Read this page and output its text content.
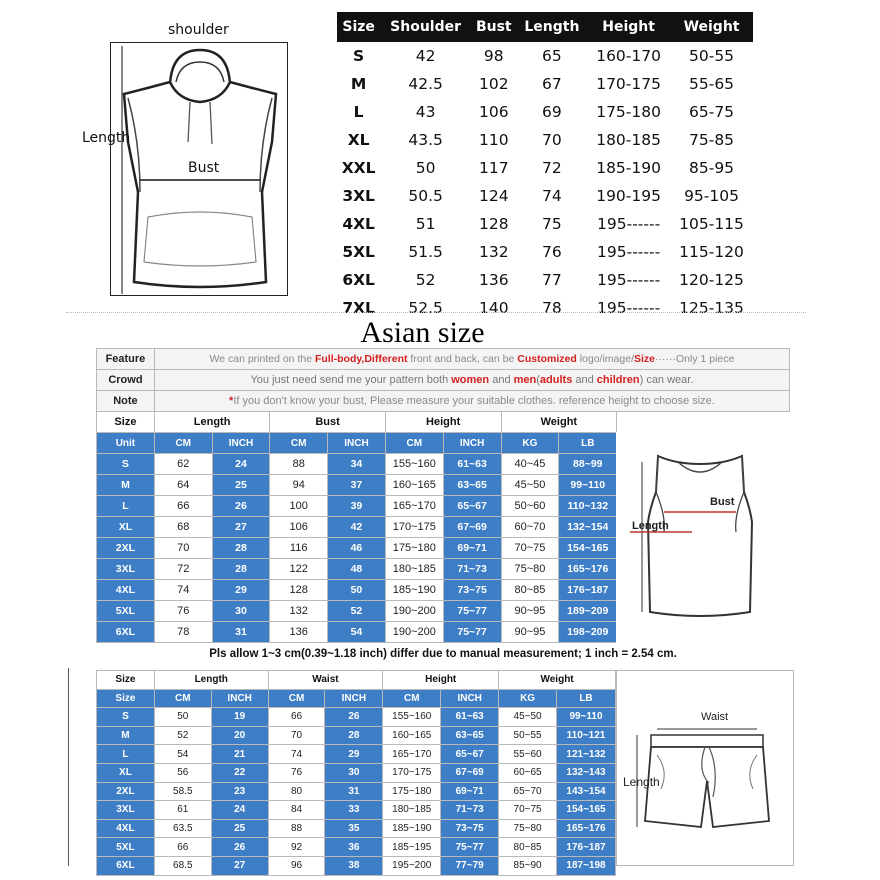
shoulder
Length
Bust
Size	Shoulder	Bust	Length	Height	Weight
S	42	98	65	160-170	50-55
M	42.5	102	67	170-175	55-65
L	43	106	69	175-180	65-75
XL	43.5	110	70	180-185	75-85
XXL	50	117	72	185-190	85-95
3XL	50.5	124	74	190-195	95-105
4XL	51	128	75	195------	105-115
5XL	51.5	132	76	195------	115-120
6XL	52	136	77	195------	120-125
7XL	52.5	140	78	195------	125-135
Asian size
Feature	We can printed on the Full-body,Different front and back, can be Customized logo/image/Size······Only 1 piece								
Crowd	You just need send me your pattern both women and men(adults and children) can wear.								
Note	*If you don't know your bust, Please measure your suitable clothes. reference height to choose size.								
Size	Length		Bust		Height		Weight		
Unit	CM	INCH	CM	INCH	CM	INCH	KG	LB	
S	62	24	88	34	155~160	61~63	40~45	88~99	
M	64	25	94	37	160~165	63~65	45~50	99~110	
L	66	26	100	39	165~170	65~67	50~60	110~132	
XL	68	27	106	42	170~175	67~69	60~70	132~154	
2XL	70	28	116	46	175~180	69~71	70~75	154~165	
3XL	72	28	122	48	180~185	71~73	75~80	165~176	
4XL	74	29	128	50	185~190	73~75	80~85	176~187	
5XL	76	30	132	52	190~200	75~77	90~95	189~209	
6XL	78	31	136	54	190~200	75~77	90~95	198~209	
Bust
Length
Pls allow 1~3 cm(0.39~1.18 inch) differ due to manual measurement; 1 inch = 2.54 cm.
Size	Length		Waist		Height		Weight	
Size	CM	INCH	CM	INCH	CM	INCH	KG	LB
S	50	19	66	26	155~160	61~63	45~50	99~110
M	52	20	70	28	160~165	63~65	50~55	110~121
L	54	21	74	29	165~170	65~67	55~60	121~132
XL	56	22	76	30	170~175	67~69	60~65	132~143
2XL	58.5	23	80	31	175~180	69~71	65~70	143~154
3XL	61	24	84	33	180~185	71~73	70~75	154~165
4XL	63.5	25	88	35	185~190	73~75	75~80	165~176
5XL	66	26	92	36	185~195	75~77	80~85	176~187
6XL	68.5	27	96	38	195~200	77~79	85~90	187~198
Waist
Length
